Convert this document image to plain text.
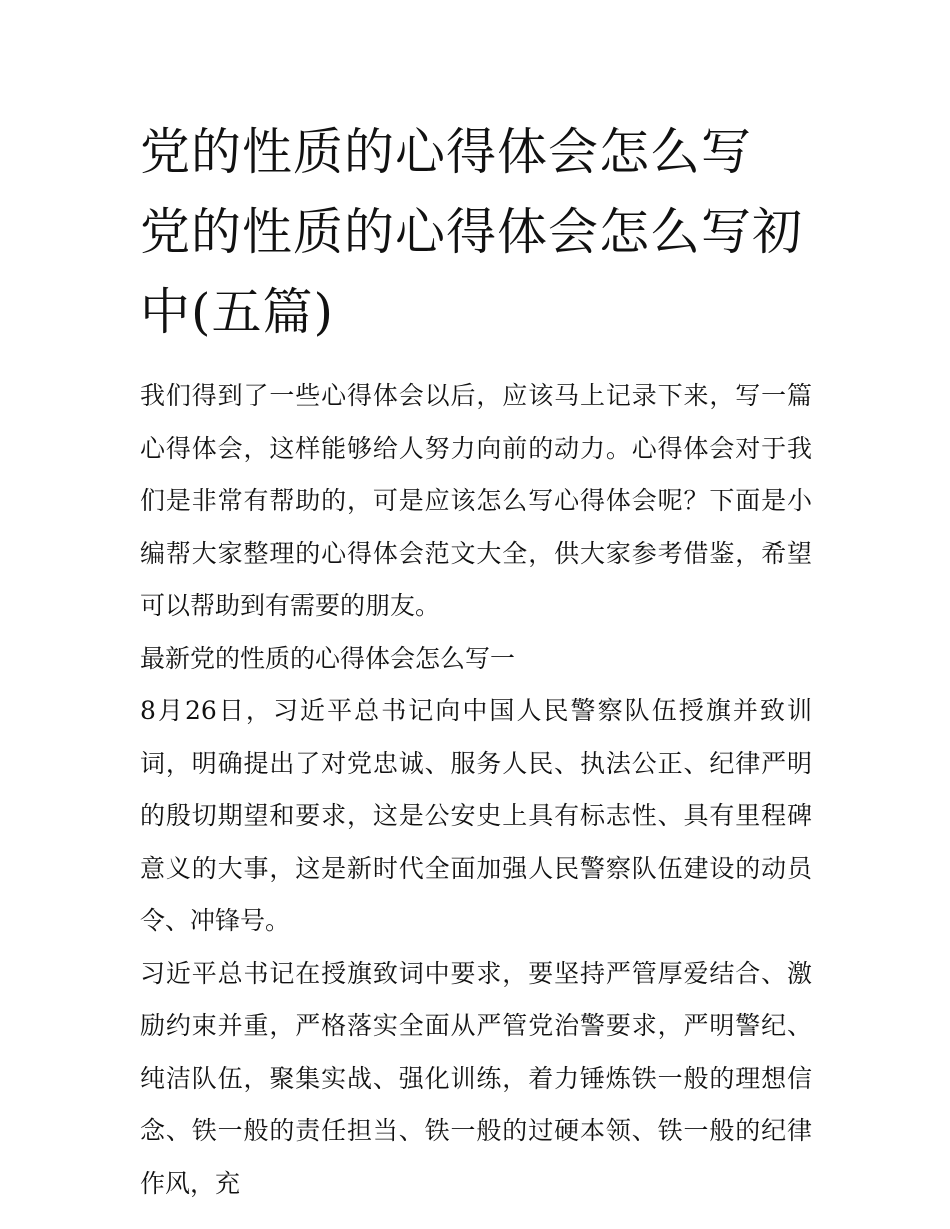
党的性质的心得体会怎么写 党的性质的心得体会怎么写初中(五篇)

我们得到了一些心得体会以后，应该马上记录下来，写一篇心得体会，这样能够给人努力向前的动力。心得体会对于我们是非常有帮助的，可是应该怎么写心得体会呢？下面是小编帮大家整理的心得体会范文大全，供大家参考借鉴，希望可以帮助到有需要的朋友。

最新党的性质的心得体会怎么写一

8月26日，习近平总书记向中国人民警察队伍授旗并致训词，明确提出了对党忠诚、服务人民、执法公正、纪律严明的殷切期望和要求，这是公安史上具有标志性、具有里程碑意义的大事，这是新时代全面加强人民警察队伍建设的动员令、冲锋号。

习近平总书记在授旗致词中要求，要坚持严管厚爱结合、激励约束并重，严格落实全面从严管党治警要求，严明警纪、纯洁队伍，聚集实战、强化训练，着力锤炼铁一般的理想信念、铁一般的责任担当、铁一般的过硬本领、铁一般的纪律作风，充
